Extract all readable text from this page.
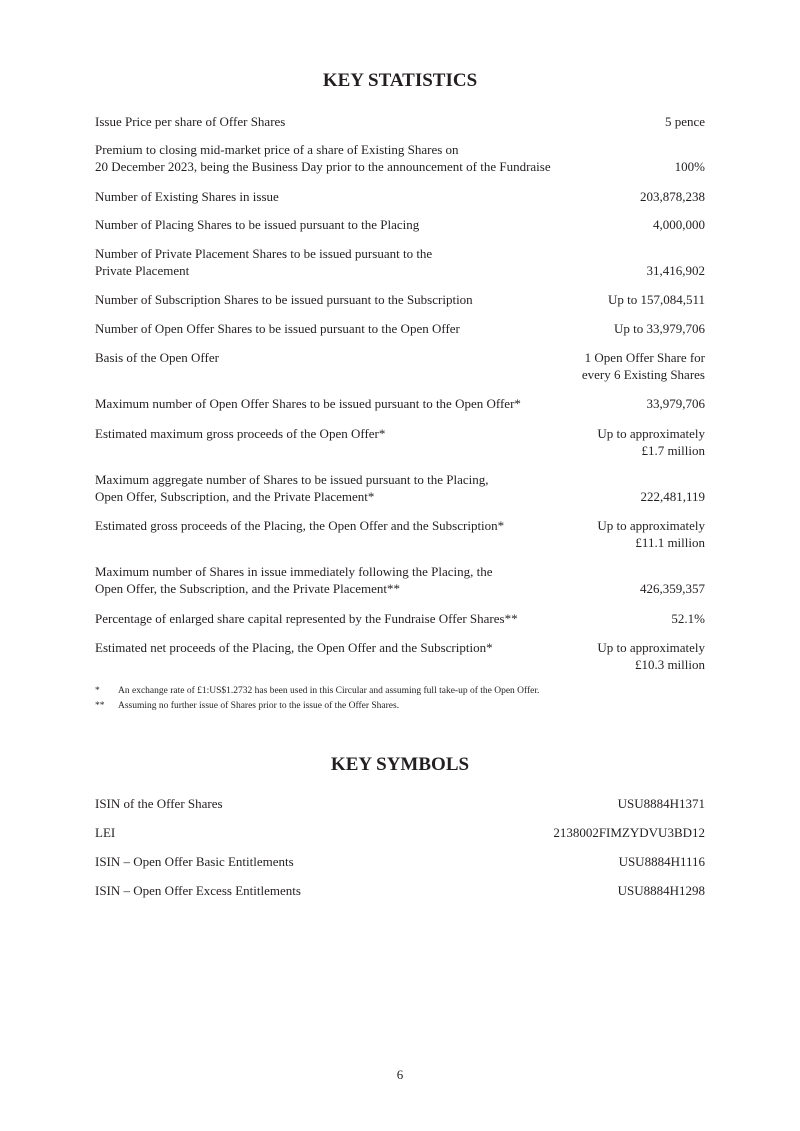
KEY STATISTICS
Issue Price per share of Offer Shares	5 pence
Premium to closing mid-market price of a share of Existing Shares on
20 December 2023, being the Business Day prior to the announcement of the Fundraise	100%
Number of Existing Shares in issue	203,878,238
Number of Placing Shares to be issued pursuant to the Placing	4,000,000
Number of Private Placement Shares to be issued pursuant to the
Private Placement	31,416,902
Number of Subscription Shares to be issued pursuant to the Subscription	Up to 157,084,511
Number of Open Offer Shares to be issued pursuant to the Open Offer	Up to 33,979,706
Basis of the Open Offer	1 Open Offer Share for
every 6 Existing Shares
Maximum number of Open Offer Shares to be issued pursuant to the Open Offer*	33,979,706
Estimated maximum gross proceeds of the Open Offer*	Up to approximately
£1.7 million
Maximum aggregate number of Shares to be issued pursuant to the Placing,
Open Offer, Subscription, and the Private Placement*	222,481,119
Estimated gross proceeds of the Placing, the Open Offer and the Subscription*	Up to approximately
£11.1 million
Maximum number of Shares in issue immediately following the Placing, the
Open Offer, the Subscription, and the Private Placement**	426,359,357
Percentage of enlarged share capital represented by the Fundraise Offer Shares**	52.1%
Estimated net proceeds of the Placing, the Open Offer and the Subscription*	Up to approximately
£10.3 million
* An exchange rate of £1:US$1.2732 has been used in this Circular and assuming full take-up of the Open Offer.
** Assuming no further issue of Shares prior to the issue of the Offer Shares.
KEY SYMBOLS
ISIN of the Offer Shares	USU8884H1371
LEI	2138002FIMZYDVU3BD12
ISIN – Open Offer Basic Entitlements	USU8884H1116
ISIN – Open Offer Excess Entitlements	USU8884H1298
6
